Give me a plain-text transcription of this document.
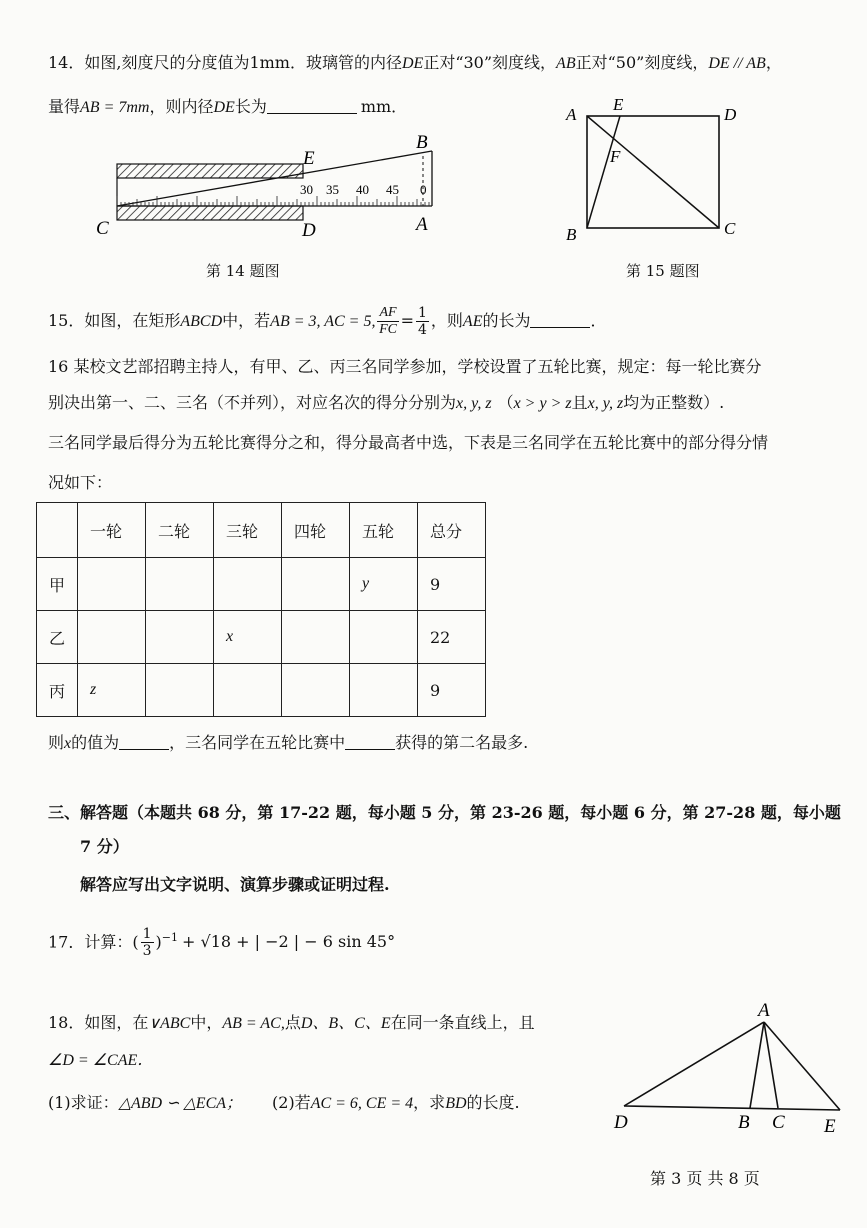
14．如图,刻度尺的分度值为1mm．玻璃管的内径DE正对“30”刻度线，AB正对“50”刻度线，DE // AB，
量得AB = 7mm，则内径DE长为	mm．
30 35 40 45 0
B
E
C	D	A
第 14 题图
A
E
D
F
B	C
第 15 题图
15．如图，在矩形ABCD中，若AB = 3, AC = 5, $\frac{AF}{FC} = \frac{1}{4}$ ，则AE的长为	．
16 某校文艺部招聘主持人，有甲、乙、丙三名同学参加，学校设置了五轮比赛，规定：每一轮比赛分
别决出第一、二、三名（不并列），对应名次的得分分别为x, y, z （x > y > z且x, y, z均为正整数）.
三名同学最后得分为五轮比赛得分之和，得分最高者中选，下表是三名同学在五轮比赛中的部分得分情
况如下：
	一轮	二轮	三轮	四轮	五轮	总分
甲					y	9
乙			x			22
丙	z					9
则x的值为	，三名同学在五轮比赛中	获得的第二名最多.
三、解答题（本题共 68 分，第 17-22 题，每小题 5 分，第 23-26 题，每小题 6 分，第 27-28 题，每小题
7 分）
解答应写出文字说明、演算步骤或证明过程.
17．计算：( $\frac{1}{3} )^{-1} + √18$ + | −2 | − 6 sin 45°
18．如图，在∨ABC中，AB = AC,点D、B、C、E在同一条直线上，且
∠D = ∠CAE．
(1)求证：△ABD ∽ △ECA； (2)若AC = 6, CE = 4，求BD的长度.
A
D	B C E
第 3 页 共 8 页
